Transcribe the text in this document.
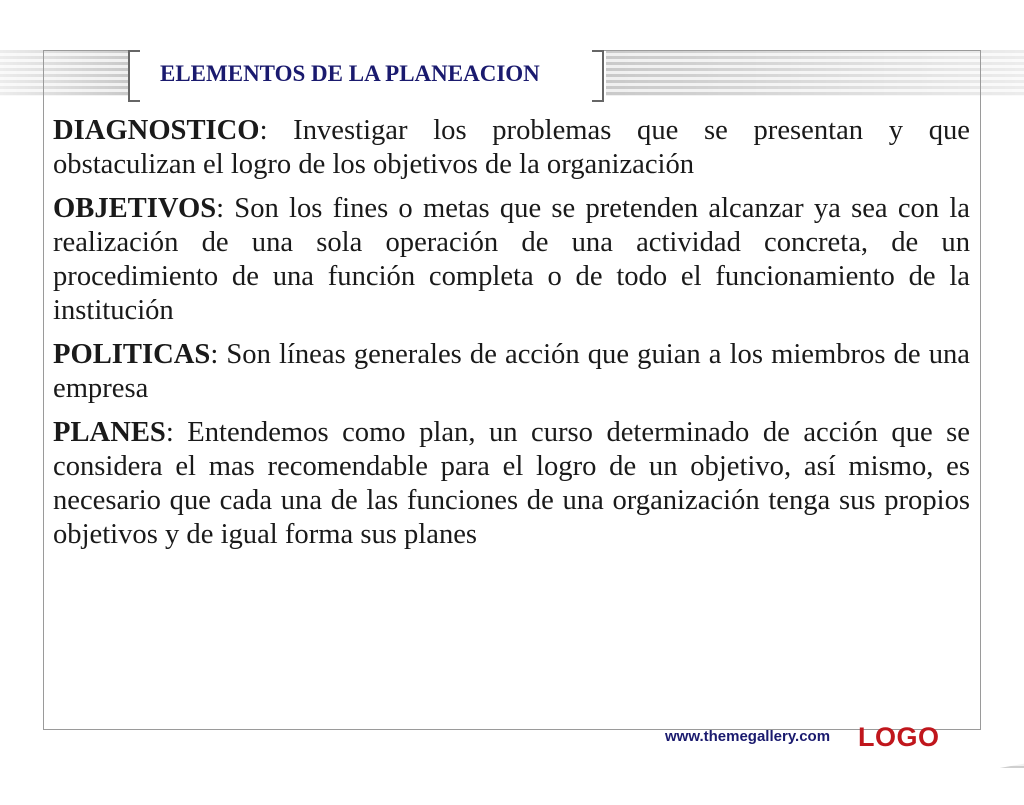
ELEMENTOS DE LA PLANEACION

DIAGNOSTICO: Investigar los problemas que se presentan y que obstaculizan el logro de los objetivos de la organización

OBJETIVOS: Son los fines o metas que se pretenden alcanzar ya sea con la realización de una sola operación de una actividad concreta, de un procedimiento de una función completa o de todo el funcionamiento de la institución

POLITICAS: Son líneas generales de acción que guian a los miembros de una empresa

PLANES: Entendemos como plan, un curso determinado de acción que se considera el mas recomendable para el logro de un objetivo, así mismo, es necesario que cada una de las funciones de una organización tenga sus propios objetivos y de igual forma sus planes

www.themegallery.com LOGO
